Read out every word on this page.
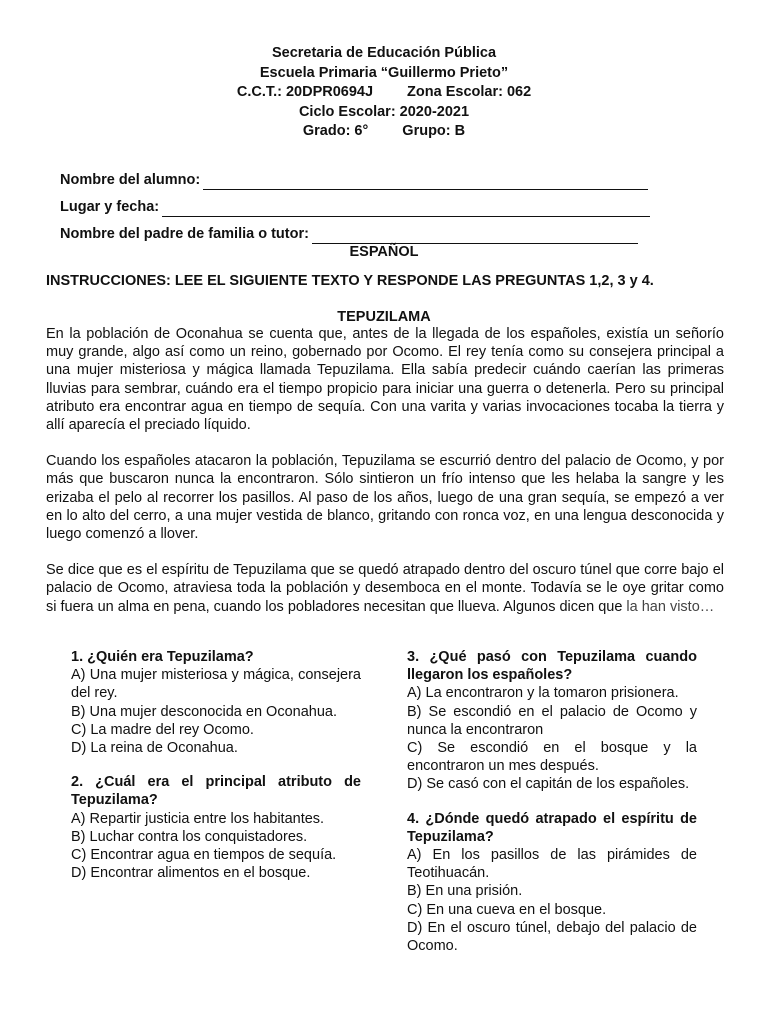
Secretaria de Educación Pública
Escuela Primaria “Guillermo Prieto”
C.C.T.: 20DPR0694J Zona Escolar: 062
Ciclo Escolar: 2020-2021
Grado: 6° Grupo: B
Nombre del alumno:
Lugar y fecha:
Nombre del padre de familia o tutor:
ESPAÑOL
INSTRUCCIONES: LEE EL SIGUIENTE TEXTO Y RESPONDE LAS PREGUNTAS 1,2, 3 y 4.
TEPUZILAMA

En la población de Oconahua se cuenta que, antes de la llegada de los españoles, existía un señorío muy grande, algo así como un reino, gobernado por Ocomo. El rey tenía como su consejera principal a una mujer misteriosa y mágica llamada Tepuzilama. Ella sabía predecir cuándo caerían las primeras lluvias para sembrar, cuándo era el tiempo propicio para iniciar una guerra o detenerla. Pero su principal atributo era encontrar agua en tiempo de sequía. Con una varita y varias invocaciones tocaba la tierra y allí aparecía el preciado líquido.

Cuando los españoles atacaron la población, Tepuzilama se escurrió dentro del palacio de Ocomo, y por más que buscaron nunca la encontraron. Sólo sintieron un frío intenso que les helaba la sangre y les erizaba el pelo al recorrer los pasillos. Al paso de los años, luego de una gran sequía, se empezó a ver en lo alto del cerro, a una mujer vestida de blanco, gritando con ronca voz, en una lengua desconocida y luego comenzó a llover.

Se dice que es el espíritu de Tepuzilama que se quedó atrapado dentro del oscuro túnel que corre bajo el palacio de Ocomo, atraviesa toda la población y desemboca en el monte. Todavía se le oye gritar como si fuera un alma en pena, cuando los pobladores necesitan que llueva. Algunos dicen que la han visto…

1. ¿Quién era Tepuzilama?
A) Una mujer misteriosa y mágica, consejera del rey.
B) Una mujer desconocida en Oconahua.
C) La madre del rey Ocomo.
D) La reina de Oconahua.
2. ¿Cuál era el principal atributo de Tepuzilama?
A) Repartir justicia entre los habitantes.
B) Luchar contra los conquistadores.
C) Encontrar agua en tiempos de sequía.
D) Encontrar alimentos en el bosque.
3. ¿Qué pasó con Tepuzilama cuando llegaron los españoles?
A) La encontraron y la tomaron prisionera.
B) Se escondió en el palacio de Ocomo y nunca la encontraron
C) Se escondió en el bosque y la encontraron un mes después.
D) Se casó con el capitán de los españoles.
4. ¿Dónde quedó atrapado el espíritu de Tepuzilama?
A) En los pasillos de las pirámides de Teotihuacán.
B) En una prisión.
C) En una cueva en el bosque.
D) En el oscuro túnel, debajo del palacio de Ocomo.
